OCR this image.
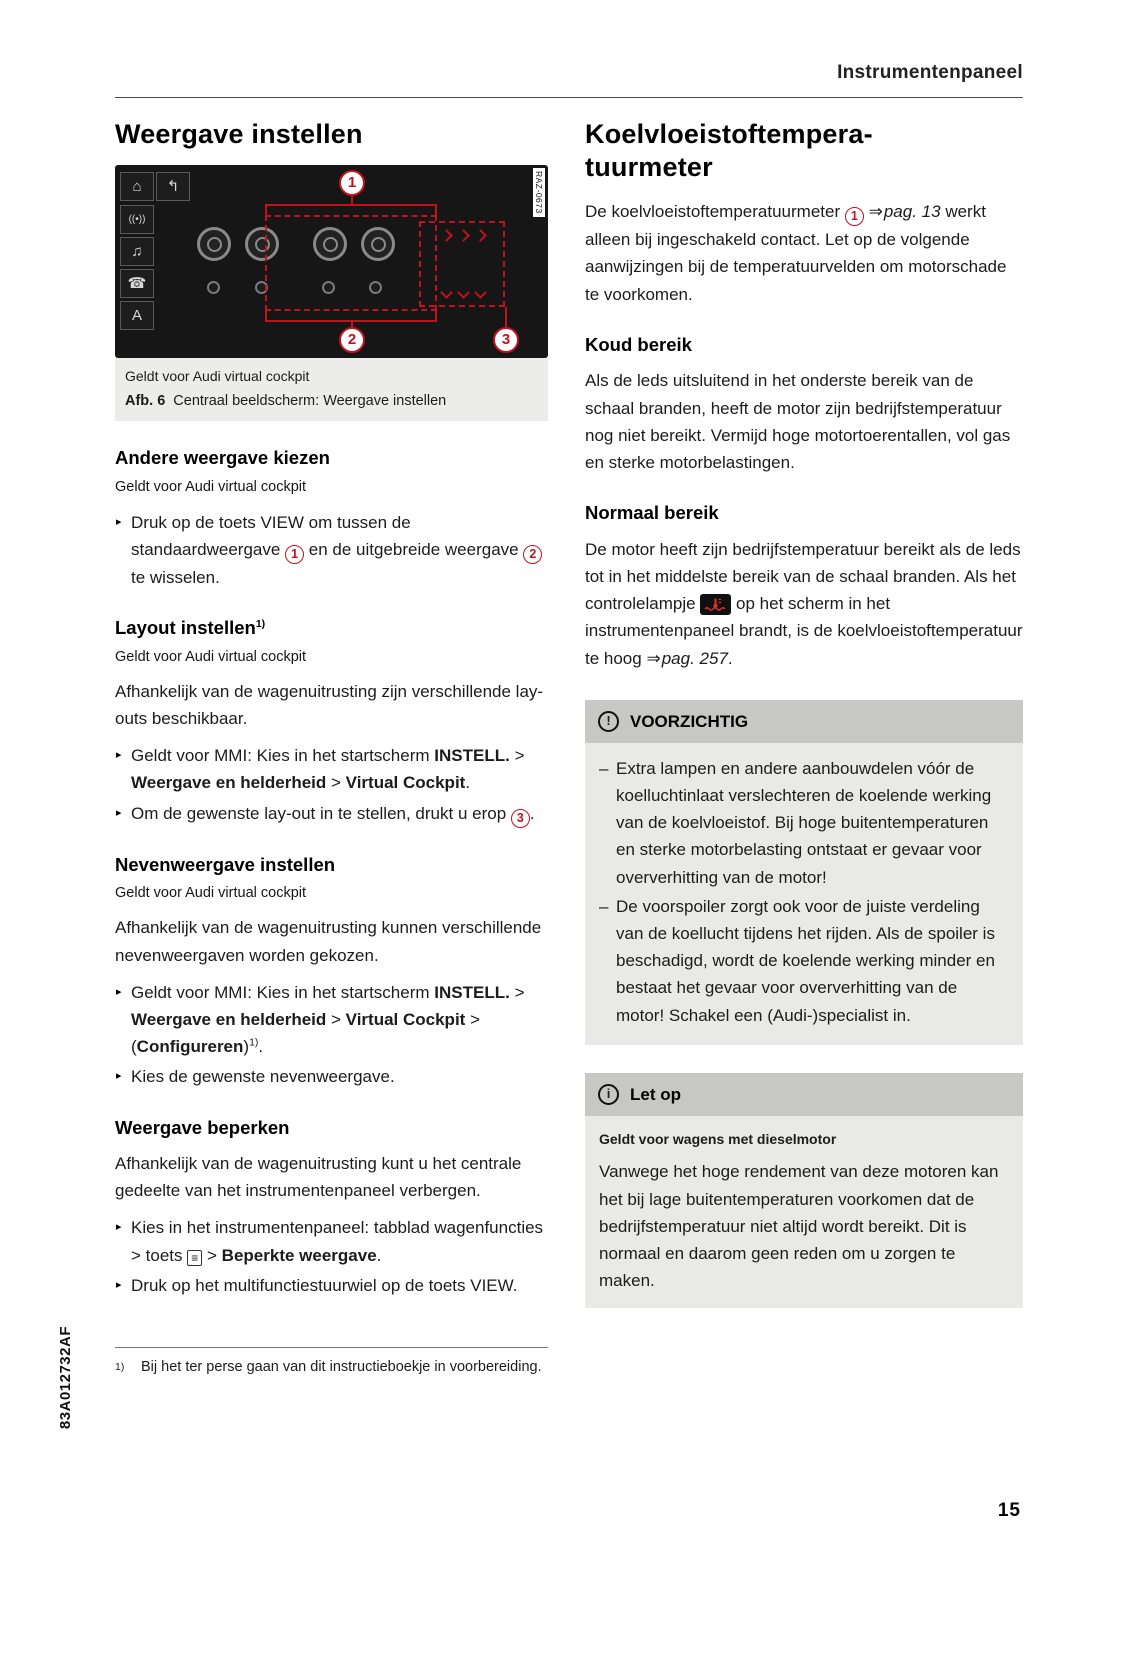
Instrumentenpaneel
Weergave instellen
⌂ ↰
((•))
♫
☎
A
1
2	3
RAZ-0673
Geldt voor Audi virtual cockpit
Afb. 6 Centraal beeldscherm: Weergave instellen
Andere weergave kiezen
Geldt voor Audi virtual cockpit
▸ Druk op de toets VIEW om tussen de standaardweergave 1 en de uitgebreide weergave 2 te wisselen.
Layout instellen$^{1)}$
Geldt voor Audi virtual cockpit

Afhankelijk van de wagenuitrusting zijn verschillende lay-outs beschikbaar.

▸ Geldt voor MMI: Kies in het startscherm INSTELL. > Weergave en helderheid > Virtual Cockpit.
▸ Om de gewenste lay-out in te stellen, drukt u erop 3 .
Nevenweergave instellen
Geldt voor Audi virtual cockpit

Afhankelijk van de wagenuitrusting kunnen verschillende nevenweergaven worden gekozen.

▸ Geldt voor MMI: Kies in het startscherm INSTELL. > Weergave en helderheid > Virtual Cockpit > (Configureren)$^{1)}$.
▸ Kies de gewenste nevenweergave.
Weergave beperken

Afhankelijk van de wagenuitrusting kunt u het centrale gedeelte van het instrumentenpaneel verbergen.

▸ Kies in het instrumentenpaneel: tabblad wagenfuncties > toets ≡ > Beperkte weergave.
▸ Druk op het multifunctiestuurwiel op de toets VIEW.
1)	Bij het ter perse gaan van dit instructieboekje in voorbereiding.
Koelvloeistoftempera-
tuurmeter

De koelvloeistoftemperatuurmeter 1 ⇒pag. 13 werkt alleen bij ingeschakeld contact. Let op de volgende aanwijzingen bij de temperatuurvelden om motorschade te voorkomen.

Koud bereik

Als de leds uitsluitend in het onderste bereik van de schaal branden, heeft de motor zijn bedrijfstemperatuur nog niet bereikt. Vermijd hoge motortoerentallen, vol gas en sterke motorbelastingen.

Normaal bereik

De motor heeft zijn bedrijfstemperatuur bereikt als de leds tot in het middelste bereik van de schaal branden. Als het controlelampje op het scherm in het instrumentenpaneel brandt, is de koelvloeistoftemperatuur te hoog ⇒pag. 257.

! VOORZICHTIG
– Extra lampen en andere aanbouwdelen vóór de koelluchtinlaat verslechteren de koelende werking van de koelvloeistof. Bij hoge buitentemperaturen en sterke motorbelasting ontstaat er gevaar voor oververhitting van de motor!
– De voorspoiler zorgt ook voor de juiste verdeling van de koellucht tijdens het rijden. Als de spoiler is beschadigd, wordt de koelende werking minder en bestaat het gevaar voor oververhitting van de motor! Schakel een (Audi-)specialist in.
i Let op
Geldt voor wagens met dieselmotor
Vanwege het hoge rendement van deze motoren kan het bij lage buitentemperaturen voorkomen dat de bedrijfstemperatuur niet altijd wordt bereikt. Dit is normaal en daarom geen reden om u zorgen te maken.
15
83A012732AF
